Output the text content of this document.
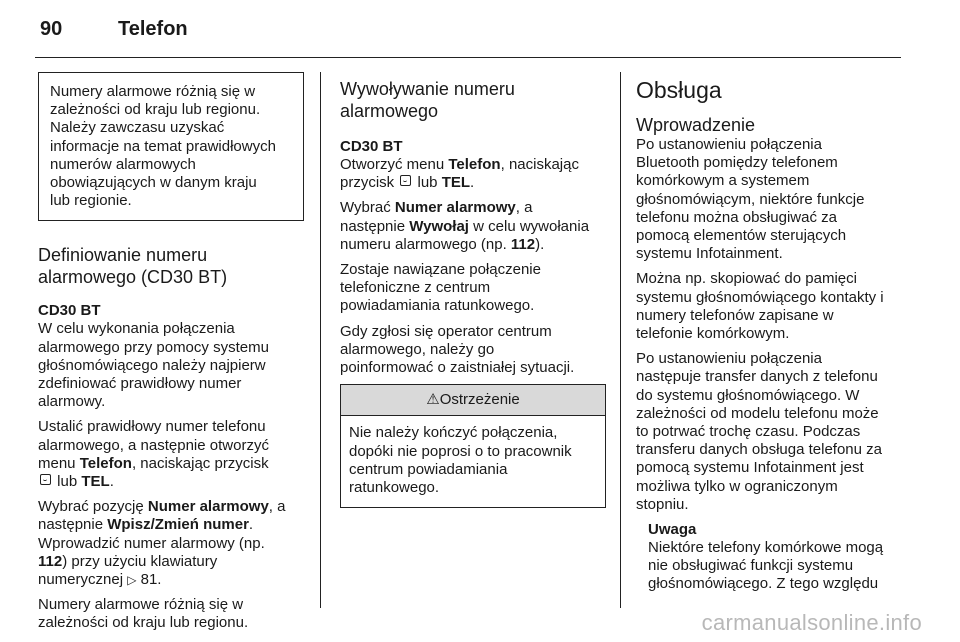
90	Telefon
Numery alarmowe różnią się w
zależności od kraju lub regionu.
Należy zawczasu uzyskać
informacje na temat prawidłowych
numerów alarmowych
obowiązujących w danym kraju
lub regionie.
Definiowanie numeru
alarmowego (CD30 BT)
CD30 BT

W celu wykonania połączenia
alarmowego przy pomocy systemu
głośnomówiącego należy najpierw
zdefiniować prawidłowy numer
alarmowy.

Ustalić prawidłowy numer telefonu
alarmowego, a następnie otworzyć
menu Telefon, naciskając przycisk
lub TEL.

Wybrać pozycję Numer alarmowy, a
następnie Wpisz/Zmień numer.
Wprowadzić numer alarmowy (np.
112) przy użyciu klawiatury
numerycznej ▷ 81.

Numery alarmowe różnią się w
zależności od kraju lub regionu.

Wywoływanie numeru
alarmowego
CD30 BT

Otworzyć menu Telefon, naciskając
przycisk  lub TEL.

Wybrać Numer alarmowy, a
następnie Wywołaj w celu wywołania
numeru alarmowego (np. 112).

Zostaje nawiązane połączenie
telefoniczne z centrum
powiadamiania ratunkowego.

Gdy zgłosi się operator centrum
alarmowego, należy go
poinformować o zaistniałej sytuacji.

⚠Ostrzeżenie
Nie należy kończyć połączenia,
dopóki nie poprosi o to pracownik
centrum powiadamiania
ratunkowego.
Obsługa
Wprowadzenie

Po ustanowieniu połączenia
Bluetooth pomiędzy telefonem
komórkowym a systemem
głośnomówiącym, niektóre funkcje
telefonu można obsługiwać za
pomocą elementów sterujących
systemu Infotainment.

Można np. skopiować do pamięci
systemu głośnomówiącego kontakty i
numery telefonów zapisane w
telefonie komórkowym.

Po ustanowieniu połączenia
następuje transfer danych z telefonu
do systemu głośnomówiącego. W
zależności od modelu telefonu może
to potrwać trochę czasu. Podczas
transferu danych obsługa telefonu za
pomocą systemu Infotainment jest
możliwa tylko w ograniczonym
stopniu.

Uwaga
Niektóre telefony komórkowe mogą
nie obsługiwać funkcji systemu
głośnomówiącego. Z tego względu
carmanualsonline.info
